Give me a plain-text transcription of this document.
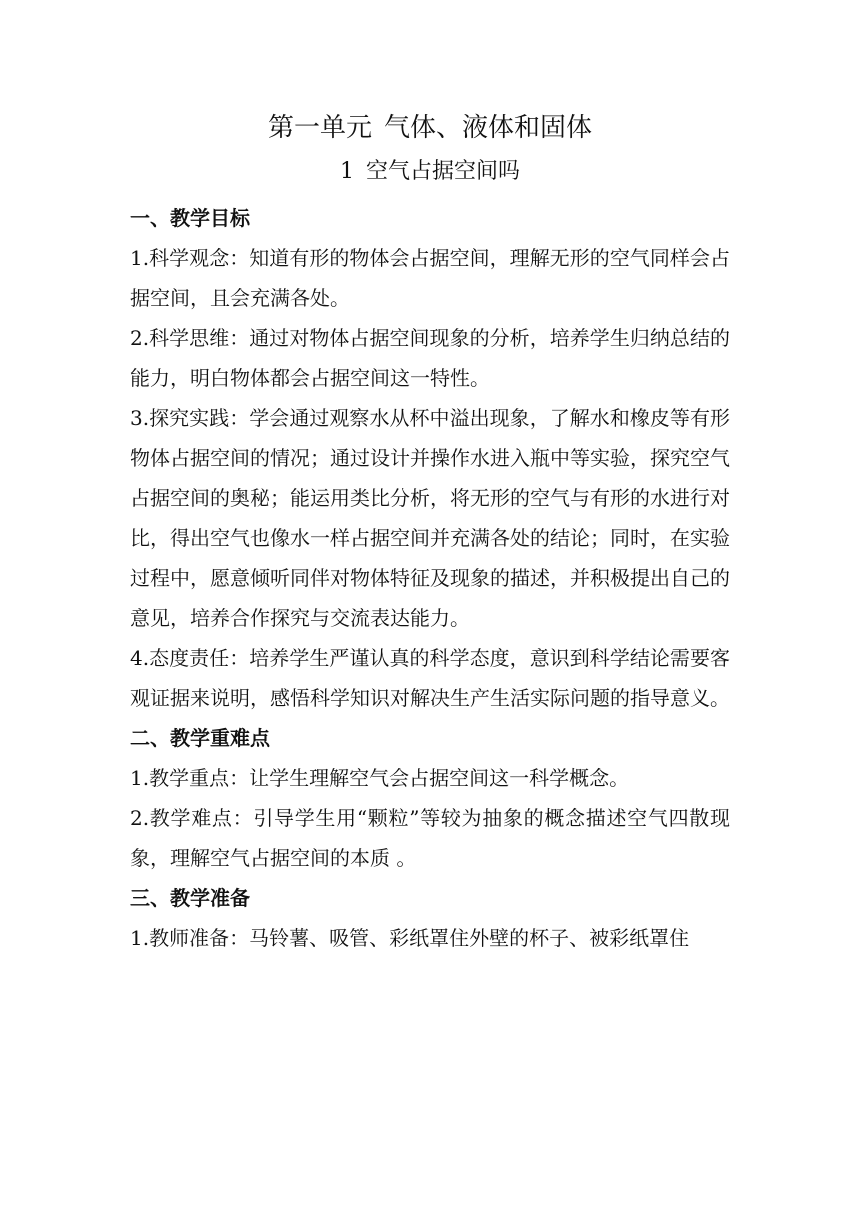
第一单元 气体、液体和固体
1 空气占据空间吗

一、教学目标

1.科学观念：知道有形的物体会占据空间，理解无形的空气同样会占据空间，且会充满各处。

2.科学思维：通过对物体占据空间现象的分析，培养学生归纳总结的能力，明白物体都会占据空间这一特性。

3.探究实践：学会通过观察水从杯中溢出现象，了解水和橡皮等有形物体占据空间的情况；通过设计并操作水进入瓶中等实验，探究空气占据空间的奥秘；能运用类比分析，将无形的空气与有形的水进行对比，得出空气也像水一样占据空间并充满各处的结论；同时，在实验过程中，愿意倾听同伴对物体特征及现象的描述，并积极提出自己的意见，培养合作探究与交流表达能力。

4.态度责任：培养学生严谨认真的科学态度，意识到科学结论需要客观证据来说明，感悟科学知识对解决生产生活实际问题的指导意义。

二、教学重难点

1.教学重点：让学生理解空气会占据空间这一科学概念。

2.教学难点：引导学生用“颗粒”等较为抽象的概念描述空气四散现象，理解空气占据空间的本质 。

三、教学准备

1.教师准备：马铃薯、吸管、彩纸罩住外壁的杯子、被彩纸罩住
